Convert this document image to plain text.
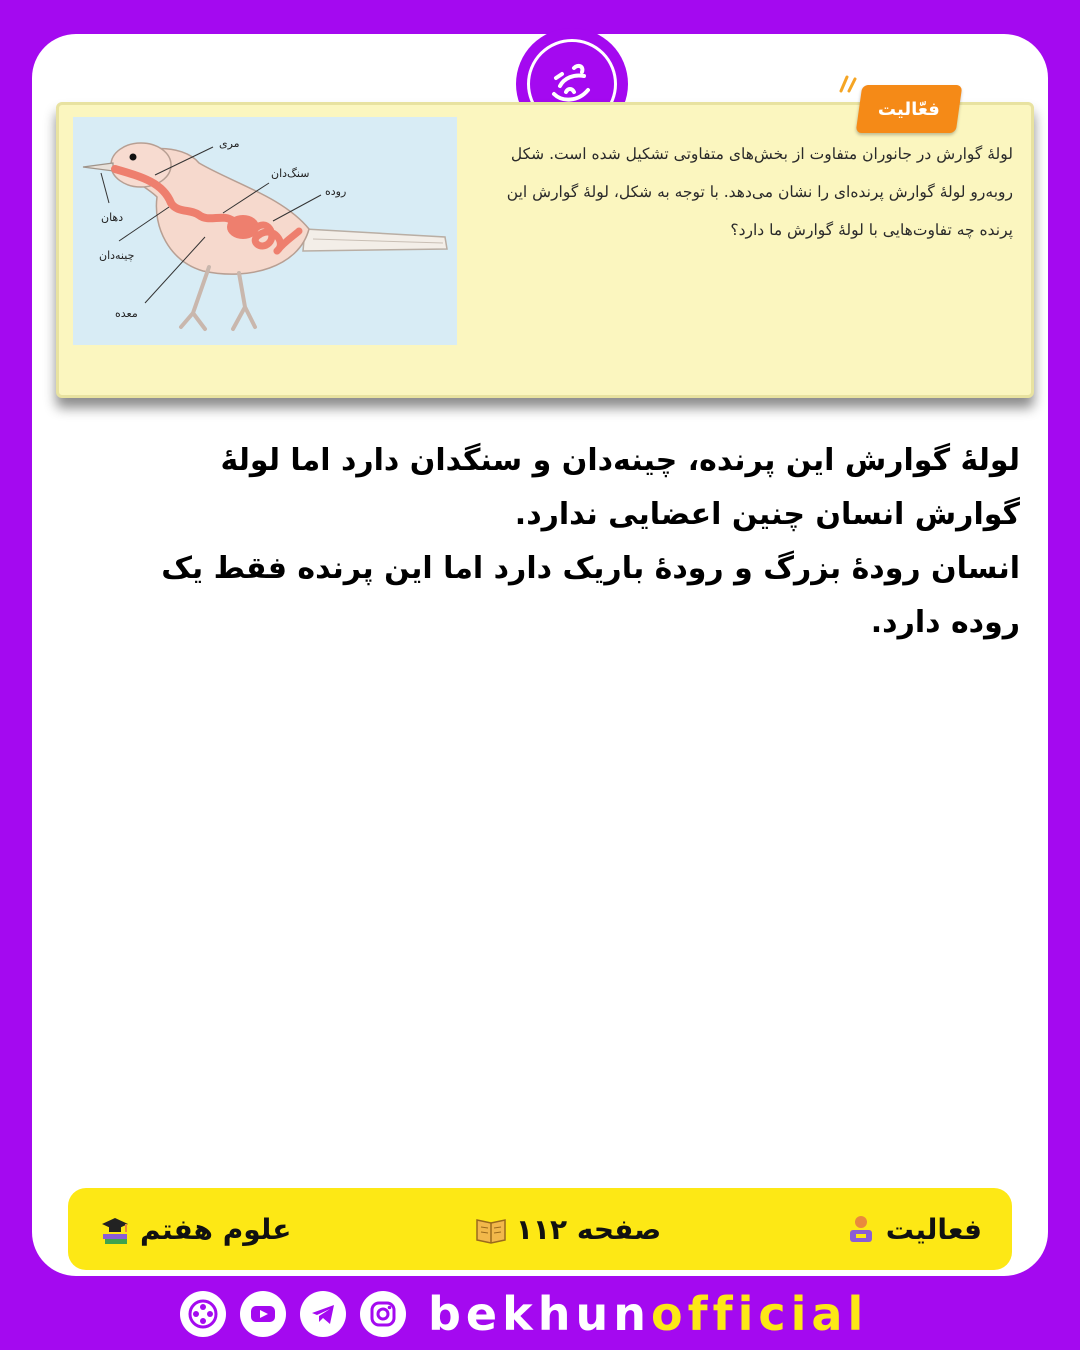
فعّالیت
لولهٔ گوارش در جانوران متفاوت از بخش‌های متفاوتی تشکیل شده است. شکل روبه‌رو لولهٔ گوارش پرنده‌ای را نشان می‌دهد. با توجه به شکل، لولهٔ گوارش این پرنده چه تفاوت‌هایی با لولهٔ گوارش ما دارد؟
مری
سنگ‌دان
روده
دهان
چینه‌دان
معده

لولهٔ گوارش این پرنده، چینه‌دان و سنگدان دارد اما لولهٔ گوارش انسان چنین اعضایی ندارد.

انسان رودهٔ بزرگ و رودهٔ باریک دارد اما این پرنده فقط یک روده دارد.

فعالیت
صفحه ۱۱۲
علوم هفتم
bekhunofficial
